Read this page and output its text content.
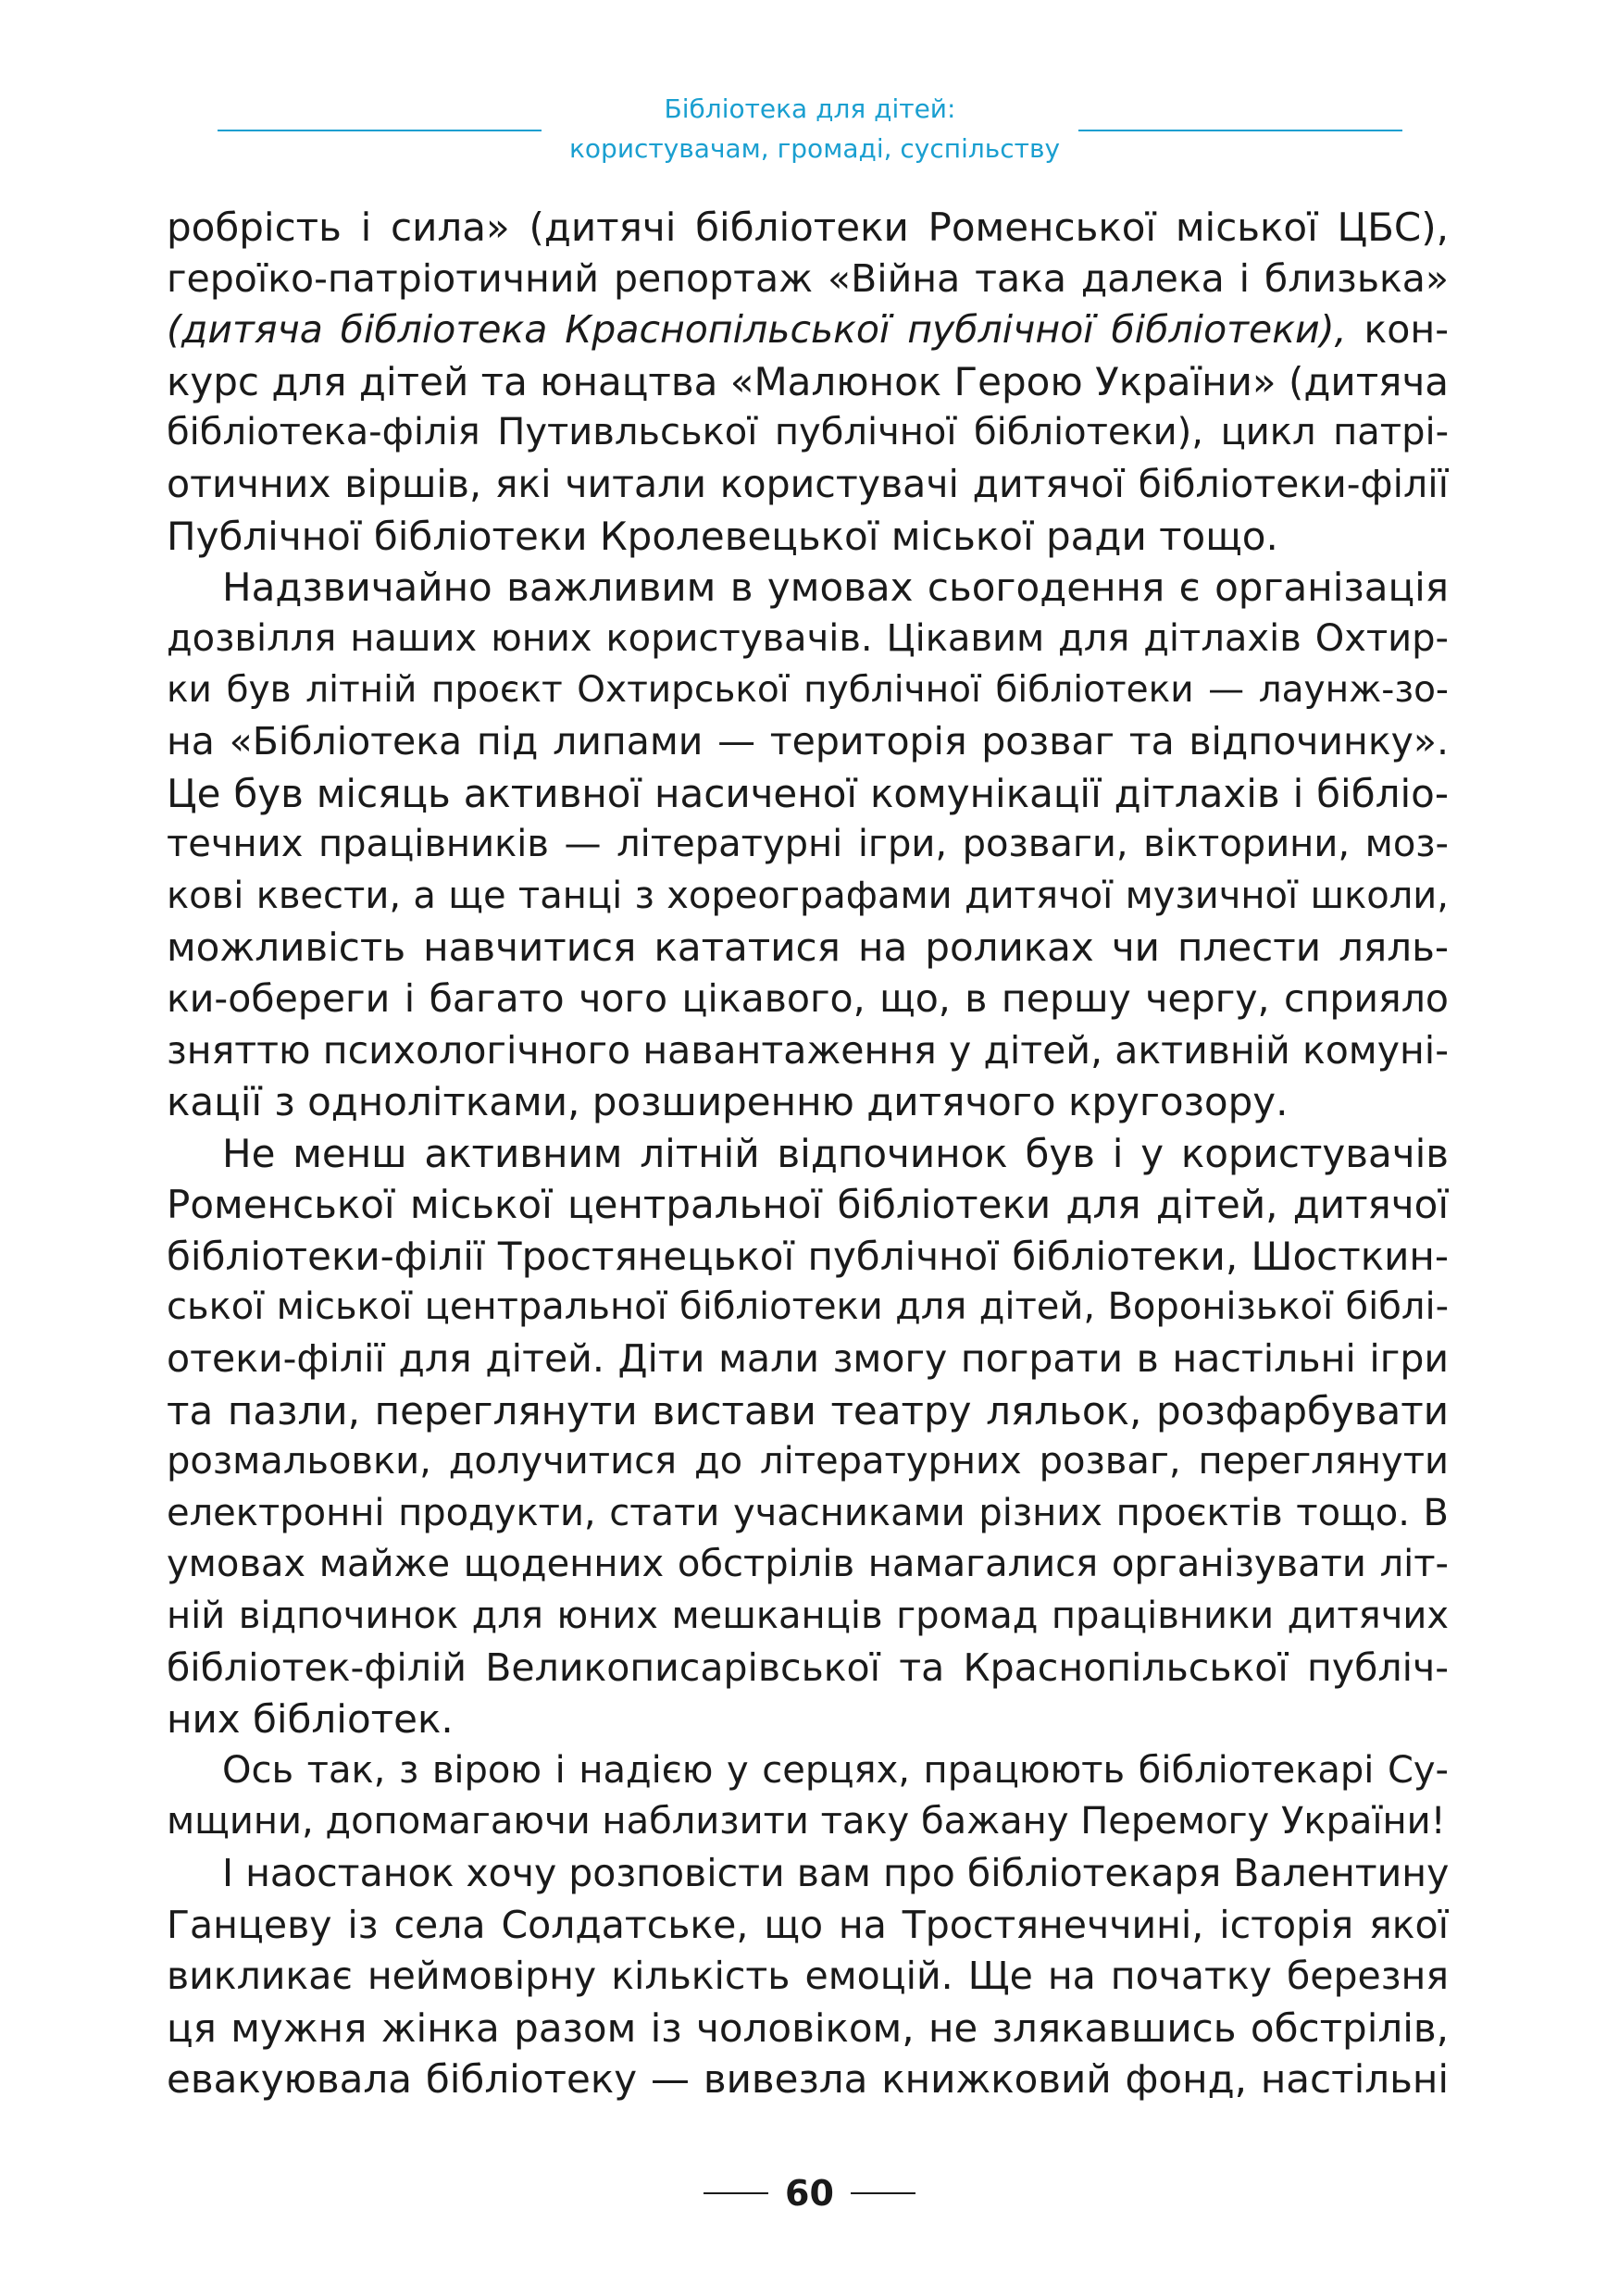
Бібліотека для дітей:
користувачам, громаді, суспільству
робрість і сила» (дитячі бібліотеки Роменської міської ЦБС),
героїко-патріотичний репортаж «Війна така далека і близька»
(дитяча бібліотека Краснопільської публічної бібліотеки), кон-
курс для дітей та юнацтва «Малюнок Герою України» (дитяча
бібліотека-філія Путивльської публічної бібліотеки), цикл патрі-
отичних віршів, які читали користувачі дитячої бібліотеки-філії
Публічної бібліотеки Кролевецької міської ради тощо.
Надзвичайно важливим в умовах сьогодення є організація
дозвілля наших юних користувачів. Цікавим для дітлахів Охтир-
ки був літній проєкт Охтирської публічної бібліотеки — лаунж-зо-
на «Бібліотека під липами — територія розваг та відпочинку».
Це був місяць активної насиченої комунікації дітлахів і бібліо-
течних працівників — літературні ігри, розваги, вікторини, моз-
кові квести, а ще танці з хореографами дитячої музичної школи,
можливість навчитися кататися на роликах чи плести ляль-
ки-обереги і багато чого цікавого, що, в першу чергу, сприяло
зняттю психологічного навантаження у дітей, активній комуні-
кації з однолітками, розширенню дитячого кругозору.
Не менш активним літній відпочинок був і у користувачів
Роменської міської центральної бібліотеки для дітей, дитячої
бібліотеки-філії Тростянецької публічної бібліотеки, Шосткин-
ської міської центральної бібліотеки для дітей, Воронізької біблі-
отеки-філії для дітей. Діти мали змогу пограти в настільні ігри
та пазли, переглянути вистави театру ляльок, розфарбувати
розмальовки, долучитися до літературних розваг, переглянути
електронні продукти, стати учасниками різних проєктів тощо. В
умовах майже щоденних обстрілів намагалися організувати літ-
ній відпочинок для юних мешканців громад працівники дитячих
бібліотек-філій Великописарівської та Краснопільської публіч-
них бібліотек.
Ось так, з вірою і надією у серцях, працюють бібліотекарі Су-
мщини, допомагаючи наблизити таку бажану Перемогу України!
І наостанок хочу розповісти вам про бібліотекаря Валентину
Ганцеву із села Солдатське, що на Тростянеччині, історія якої
викликає неймовірну кількість емоцій. Ще на початку березня
ця мужня жінка разом із чоловіком, не злякавшись обстрілів,
евакуювала бібліотеку — вивезла книжковий фонд, настільні
60
